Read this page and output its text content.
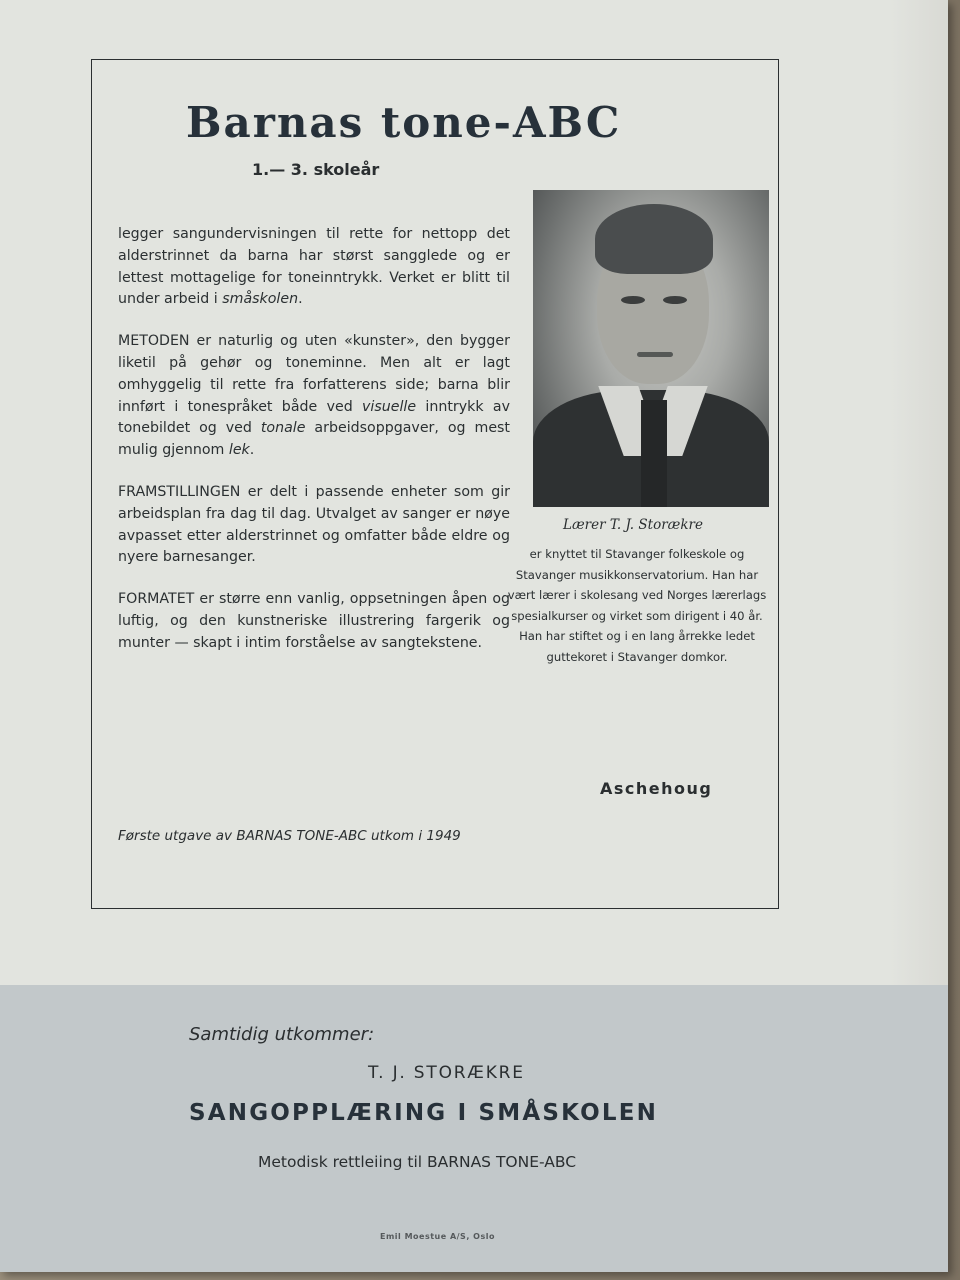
Barnas tone-ABC
1.— 3. skoleår

legger sangundervisningen til rette for nettopp det alderstrinnet da barna har størst sangglede og er lettest mottagelige for toneinntrykk. Verket er blitt til under arbeid i småskolen.

METODEN er naturlig og uten «kunster», den bygger liketil på gehør og toneminne. Men alt er lagt omhyggelig til rette fra forfatterens side; barna blir innført i tonespråket både ved visuelle inntrykk av tonebildet og ved tonale arbeidsoppgaver, og mest mulig gjennom lek.

FRAMSTILLINGEN er delt i passende enheter som gir arbeidsplan fra dag til dag. Utvalget av sanger er nøye avpasset etter alderstrinnet og omfatter både eldre og nyere barnesanger.

FORMATET er større enn vanlig, oppsetningen åpen og luftig, og den kunstneriske illustrering fargerik og munter — skapt i intim forståelse av sangtekstene.

Lærer T. J. Storækre
er knyttet til Stavanger folkeskole og Stavanger musikkonservatorium. Han har vært lærer i skolesang ved Norges lærerlags spesialkurser og virket som dirigent i 40 år. Han har stiftet og i en lang årrekke ledet guttekoret i Stavanger domkor.
Aschehoug
Første utgave av BARNAS TONE-ABC utkom i 1949
Samtidig utkommer:
T. J. STORÆKRE
SANGOPPLÆRING I SMÅSKOLEN
Metodisk rettleiing til BARNAS TONE-ABC
Emil Moestue A/S, Oslo
